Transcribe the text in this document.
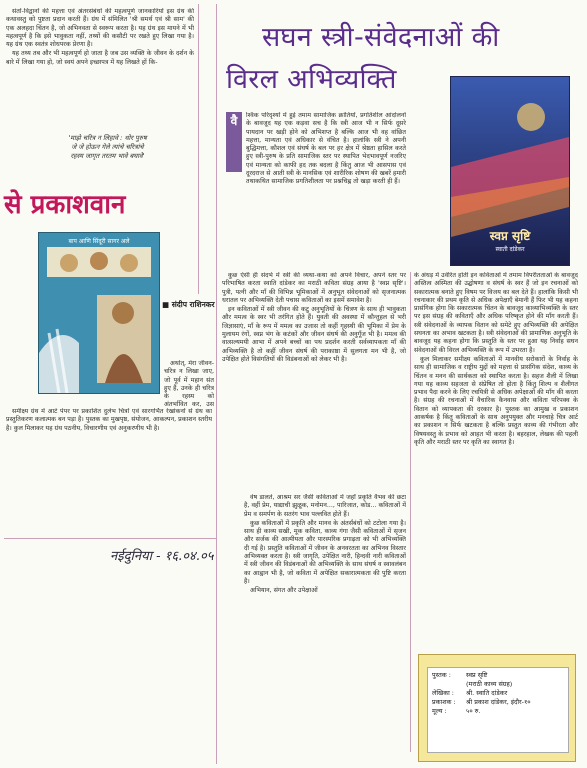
संतों-विद्वानों की महत्ता एवं अंतरसंबंधों की महत्वपूर्ण जानकारियों इस ग्रंथ की कथावस्तु को पुष्टता प्रदान करती हैं। ग्रंथ में संमिलित 'श्री समर्थ एवं श्री साम' की एक अलहदा चिंतन है, जो अभिनवता से स्वरूप करता है। यह ग्रंथ इस मायने में भी महत्वपूर्ण है कि इसे भावुकता नहीं, तथ्यों की कसौटी पर रखते हुए लिखा गया है। यह ग्रंथ एक स्वतंत्र शोधपरक प्रेरणा है।

यह तथ्य तब और भी महत्वपूर्ण हो जाता है जब उस व्यक्ति के जीवन के दर्शन के बारे में लिखा गया हो, जो स्वयं अपने इच्छापत्र में यह लिखते हों कि-

'माझे चरित्र न लिहावे : थोर पुरुष
जे जे होऊन गेले त्यांचे चरित्रांचे
रहस्य जागृत तरतम भावे बघावे'
से प्रकाशवान
बाप आणि सिंदूरी सागर अले
■ संदीप राशिनकर

अर्थात्, मेरा जीवन-चरित्र न लिखा जाए, जो पूर्व में महान संत हुए हैं, उनके ही चरित्र के रहस्य को अंतर्भावित कर, उस

समीक्ष्य ग्रंथ में आर्ट पेपर पर प्रकाशित दुर्लभ चित्रों एवं सारगर्भित रेखांकनों से ग्रंथ का प्रस्तुतिकरण कलात्मक बन पड़ा है। पुस्तक का मुखपृष्ठ, संयोजन, आकल्पन, प्रकाशन स्तरीय है। कुल मिलाकर यह ग्रंथ पठनीय, विचारणीय एवं अनुकरणीय भी है।

नईदुनिया - १६.०४.०५
सघन स्त्री-संवेदनाओं की
विरल अभिव्यक्ति
वै	श्विक परिदृश्यों में हुई तमाम सामाजिक क्रांतियों, प्रगतिशील आंदोलनों के बावजूद यह एक कड़वा सच है कि स्त्री आज भी न सिर्फ दूसरे पायदान पर खड़ी होने को अभिशप्त है बल्कि आज भी वह वांछित महत्ता, मान्यता एवं अधिकार से वंचित है। हालांकि स्त्री ने अपनी बुद्धिमत्ता, कौशल एवं संघर्ष के बल पर हर क्षेत्र में श्रेष्ठता हासिल करते हुए स्त्री-पुरुष के प्रति सामाजिक स्तर पर स्थापित भेदभावपूर्ण नजरिए एवं मान्यता को काफी हद तक बदला है किंतु आज भी आसपास एवं दूरदराज से आती स्त्री के मानसिक एवं शारीरिक शोषण की खबरें हमारी तथाकथित सामाजिक प्रगतिशीलता पर प्रश्नचिह्न तो खड़ा करती ही हैं।

कुछ ऐसी ही संदर्भ में स्त्री की व्यथा-कथा को अपने विचार, अपने स्तर पर परिभाषित करता स्वाति दांडेकर का मराठी कविता संग्रह आया है 'स्वप्न सृष्टि'। पुत्री, पत्नी और माँ की विभिन्न भूमिकाओं में अनुभूत संवेदनाओं को सृजनात्मक धरातल पर अभिव्यक्ति देती पचास कविताओं का इसमें समावेश है।

इन कविताओं में स्त्री जीवन की कटु अनुभूतियों के चित्रण के साथ ही भावुकता और ममत्व के स्वर भी तरंगित होते हैं। युवती की अवस्था में कौन्तुहल से भरी जिज्ञासाएं, माँ के रूप में ममत्व का उजास तो कहीं गृहस्थी की भूमिका में प्रेम के मुलायम रंगों, स्वप्न भंग के कटंकों और जीवन संघर्ष की अनुगूँज भी है। ममत्व की वात्सल्यमयी आभा में अपने बच्चों का पथ प्रदर्शन करती सर्वव्यापकता माँ की अभिव्यक्ति है तो कहीं जीवन संघर्ष की पराकाष्ठा में सुलगता मन भी है, जो उपेक्षित होते विसंगतियों की विडंबनाओं को लेकर भी है।

वेष डालते, आश्रम सर जैसी कविताओं में जहाँ प्रकृति वैभव की छटा है, वहीं प्रेम, याद्याची झुळूक, मनोमन..., पारिजात, कोड... कविताओं में प्रेम व समर्पण के सतरंग भाव पल्लवित होते हैं।

कुछ कविताओं में प्रकृति और मानव के अंतर्संबंधों को टटोला गया है। साथ ही काव्य सखी, मूक कविता, काव्य गंगा जैसी कविताओं में सृजन और सर्जक की आत्मीयता और पारस्परिक प्रगाढ़ता को भी अभिव्यक्ति दी गई है। प्रस्तुति कविताओं में जीवन के अनवरतता का अभिनव विस्तार अभिव्यक्त करता है। स्त्री जागृति, उपेक्षित नारी, हिन्दवी नारी कविताओं में स्त्री जीवन की विडंबनाओं की अभिव्यक्ति के साथ संघर्ष व स्वावलंबन का आह्वान भी है, जो कविता में अपेक्षित सकारात्मकता की पुष्टि करता है।

अभियान, संगत और उपेक्षाओं

स्वप्न सृष्टि
स्वाती दांडेकर

के अंधड़ में उर्वरित होती इन कविताओं में तमाम विपरीतताओं के बावजूद अस्तित्व अस्मिता की उद्घोषणा व संघर्ष के स्वर हैं जो इन रचनाओं को सकारात्मक बनाते हुए विषम पर विजय का बल देते हैं। हालांकि किसी भी रचनाकार की प्रथम कृति से अधिक अपेक्षाएँ बेमानी हैं फिर भी यह कहना प्रासंगिक होगा कि सकारात्मक चिंतन के बावजूद काव्याभिव्यक्ति के स्तर पर इस संग्रह की कविताएँ और अधिक परिष्कृत होने की माँग करती हैं। स्त्री संवेदनाओं के व्यापक वितान को समेटे हुए अभिव्यक्ति की अपेक्षित सघनता का अभाव खटकता है। स्त्री संवेदनाओं की प्रामाणिक अनुभूति के बावजूद यह कहना होगा कि प्रस्तुति के स्तर पर हुआ यह निर्वाह सघन संवेदनाओं की विरल अभिव्यक्ति के रूप में उभरता है।

कुल मिलाकर समीक्ष्य कविताओं में मानवीय सरोकारों के निर्वाह के साथ ही सामाजिक व राष्ट्रीय मुद्दों को महत्ता से प्रासंगिक संदेश, काव्य के चिंतन व मनन की सार्थकता को स्थापित करता है। सहज शैली में लिखा गया यह काव्य सहजता से संप्रेषित तो होता है किंतु शिल्प व शैलीगत प्रभाव पैदा करने के लिए रचयित्री से अधिक अपेक्षाओं की माँग की करता है। संग्रह की रचनाओं में वैचारिक कैनवास और कविता परिपक्व के वितान को व्यापकता की दरकार है। पुस्तक का आमुख व प्रकाशन आकर्षक है किंतु कविताओं के साथ अनुपयुक्त और मनचाहे चित्र आर्ट का प्रकाशन न सिर्फ खटकता है बल्कि प्रस्तुत काव्य की गंभीरता और विषयवस्तु के प्रभाव को आहत भी करता है। बहरहाल, लेखक की पहली कृति और मराठी स्तर पर कृति का स्वागत है।

पुस्तक : स्वप्न सृष्टि
(मराठी काव्य संग्रह)
लेखिका : श्री. स्वाति दांडेकर
प्रकाशक : श्री प्रकाश दांडेकर, इंदौर-१०
मूल्य :	५० रु.
